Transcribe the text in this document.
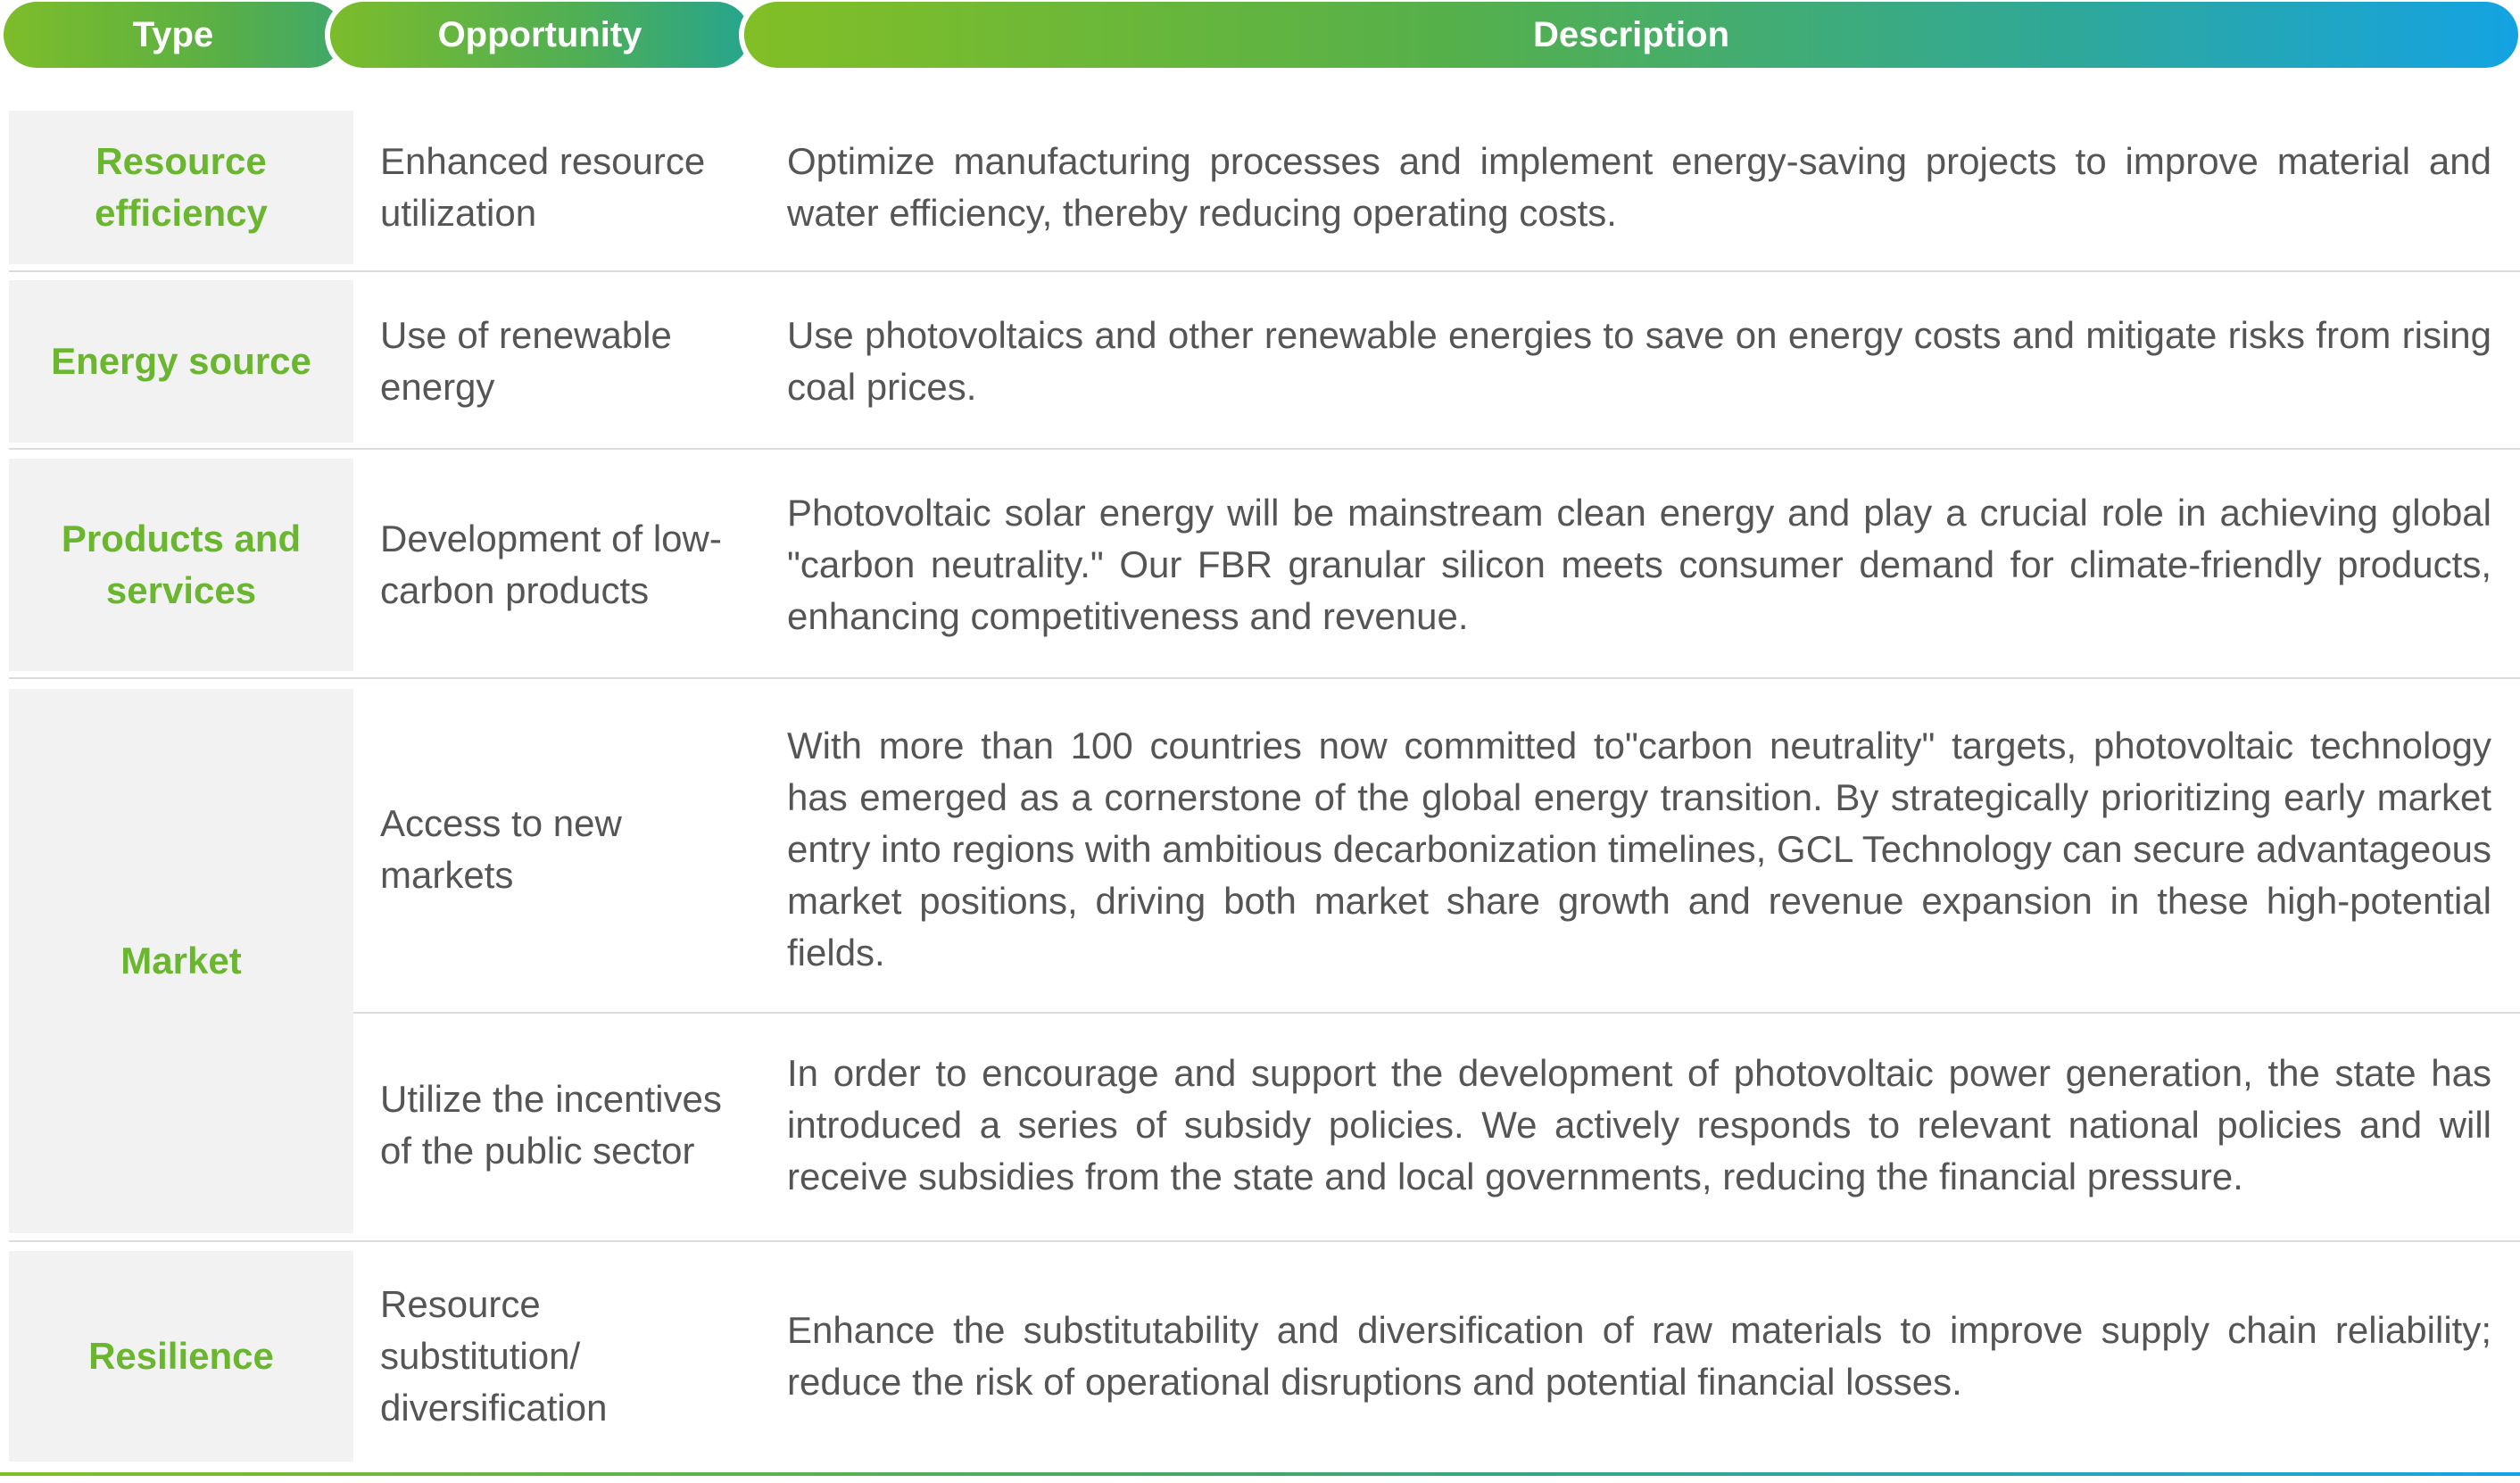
Description
Opportunity
Type
Resource efficiency
Enhanced resource utilization
Optimize manufacturing processes and implement energy-saving projects to improve material and water efficiency, thereby reducing operating costs.
Energy source
Use of renewable energy
Use photovoltaics and other renewable energies to save on energy costs and mitigate risks from rising coal prices.
Products and services
Development of low-carbon products
Photovoltaic solar energy will be mainstream clean energy and play a crucial role in achieving global "carbon neutrality." Our FBR granular silicon meets consumer demand for climate-friendly products, enhancing competitiveness and revenue.
Market
Access to new markets
With more than 100 countries now committed to"carbon neutrality" targets, photovoltaic technology has emerged as a cornerstone of the global energy transition. By strategically prioritizing early market entry into regions with ambitious decarbonization timelines, GCL Technology can secure advantageous market positions, driving both market share growth and revenue expansion in these high-potential fields.
Utilize the incentives of the public sector
In order to encourage and support the development of photovoltaic power generation, the state has introduced a series of subsidy policies. We actively responds to relevant national policies and will receive subsidies from the state and local governments, reducing the financial pressure.
Resilience
Resource substitution/ diversification
Enhance the substitutability and diversification of raw materials to improve supply chain reliability; reduce the risk of operational disruptions and potential financial losses.
